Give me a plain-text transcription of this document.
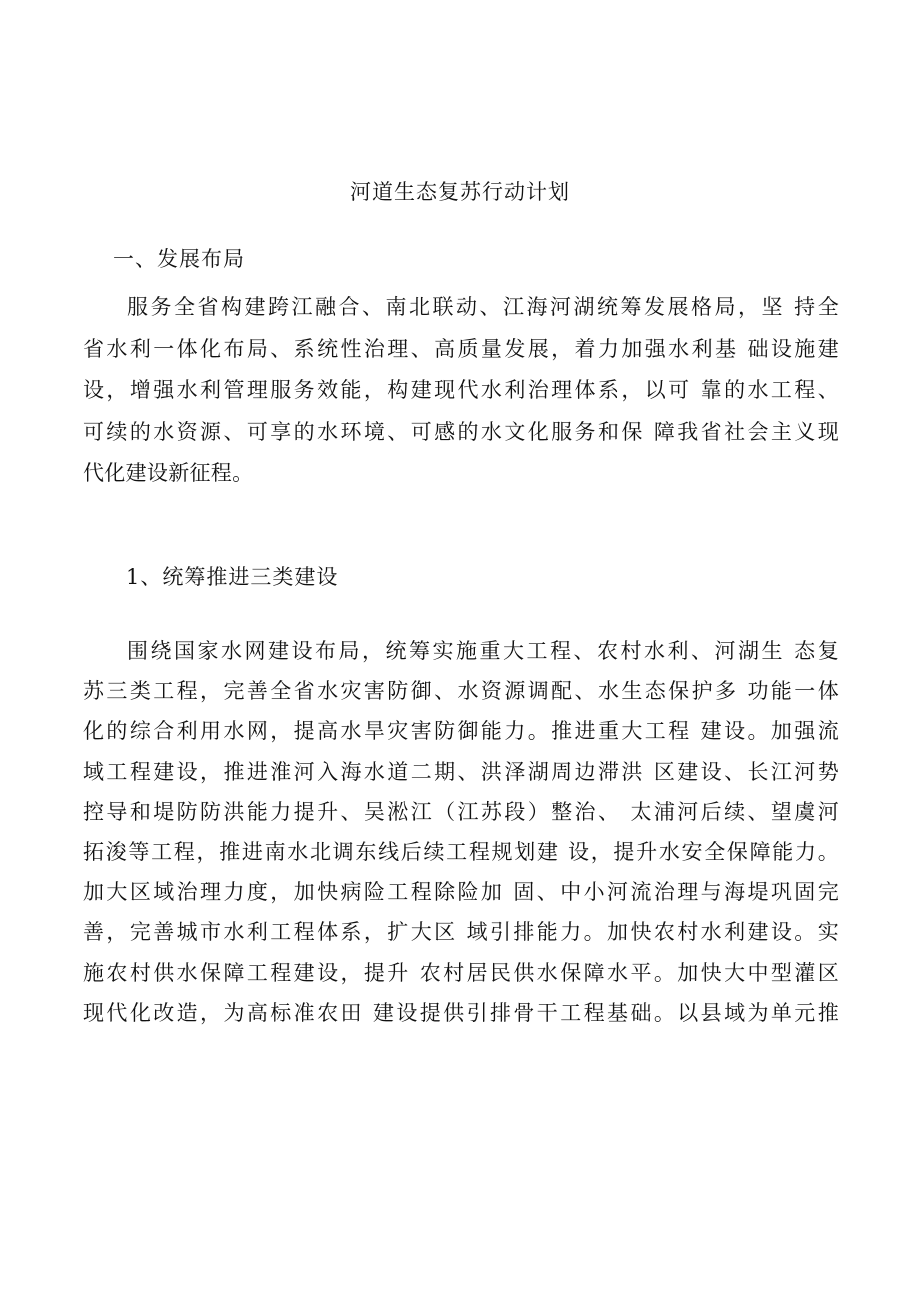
河道生态复苏行动计划
一、发展布局
服务全省构建跨江融合、南北联动、江海河湖统筹发展格局，坚 持全
省水利一体化布局、系统性治理、高质量发展，着力加强水利基 础设施建
设，增强水利管理服务效能，构建现代水利治理体系，以可 靠的水工程、
可续的水资源、可享的水环境、可感的水文化服务和保 障我省社会主义现
代化建设新征程。
1、统筹推进三类建设
围绕国家水网建设布局，统筹实施重大工程、农村水利、河湖生 态复
苏三类工程，完善全省水灾害防御、水资源调配、水生态保护多 功能一体
化的综合利用水网，提高水旱灾害防御能力。推进重大工程 建设。加强流
域工程建设，推进淮河入海水道二期、洪泽湖周边滞洪 区建设、长江河势
控导和堤防防洪能力提升、吴淞江（江苏段）整治、 太浦河后续、望虞河
拓浚等工程，推进南水北调东线后续工程规划建 设，提升水安全保障能力。
加大区域治理力度，加快病险工程除险加 固、中小河流治理与海堤巩固完
善，完善城市水利工程体系，扩大区 域引排能力。加快农村水利建设。实
施农村供水保障工程建设，提升 农村居民供水保障水平。加快大中型灌区
现代化改造，为高标准农田 建设提供引排骨干工程基础。以县域为单元推
